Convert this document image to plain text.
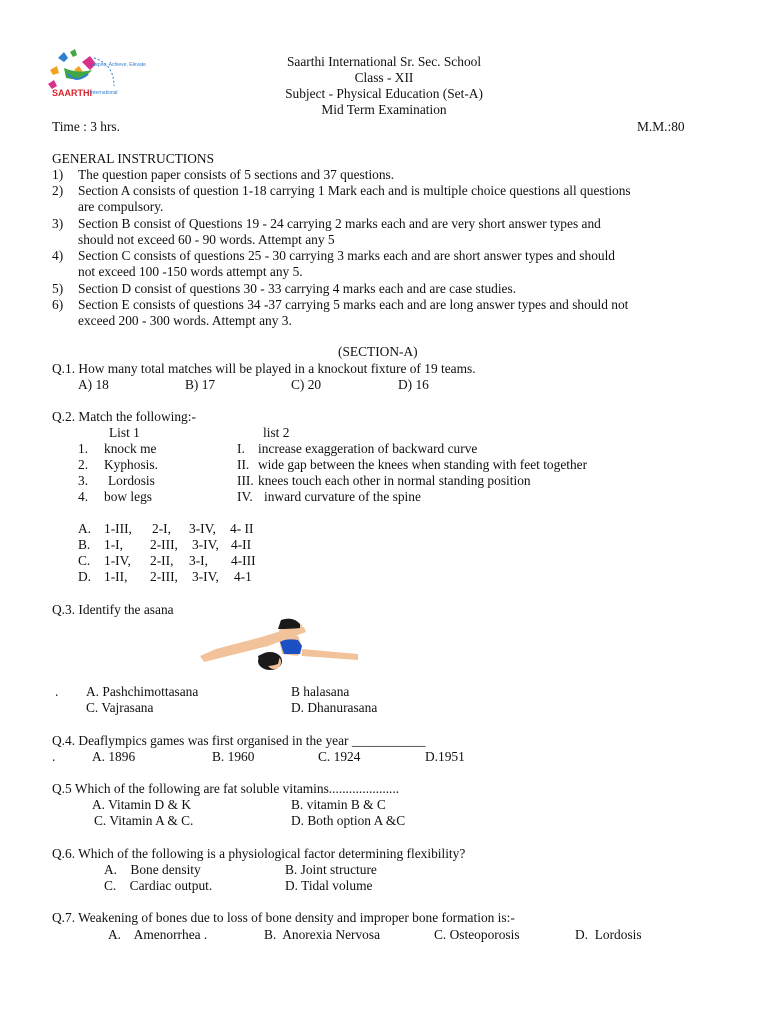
SAARTHI
International
Aspire, Achieve, Elevate	Saarthi International Sr. Sec. School
Class - XII
Subject - Physical Education (Set-A)
Mid Term Examination
Time : 3 hrs.	M.M.:80
GENERAL INSTRUCTIONS
1) The question paper consists of 5 sections and 37 questions.
2) Section A consists of question 1-18 carrying 1 Mark each and is multiple choice questions all questions
are compulsory.
3) Section B consist of Questions 19 - 24 carrying 2 marks each and are very short answer types and
should not exceed 60 - 90 words. Attempt any 5
4) Section C consists of questions 25 - 30 carrying 3 marks each and are short answer types and should
not exceed 100 -150 words attempt any 5.
5) Section D consist of questions 30 - 33 carrying 4 marks each and are case studies.
6) Section E consists of questions 34 -37 carrying 5 marks each and are long answer types and should not
exceed 200 - 300 words. Attempt any 3.
(SECTION-A)
Q.1. How many total matches will be played in a knockout fixture of 19 teams.
A) 18	B) 17	C) 20	D) 16
Q.2. Match the following:-
List 1	list 2
1. knock me	I. increase exaggeration of backward curve
2. Kyphosis.	II. wide gap between the knees when standing with feet together
3. Lordosis	III. knees touch each other in normal standing position
4. bow legs	IV. inward curvature of the spine
A. 1-III, 2-I, 3-IV, 4- II
B. 1-I, 2-III, 3-IV, 4-II
C. 1-IV, 2-II, 3-I, 4-III
D. 1-II, 2-III, 3-IV, 4-1
Q.3. Identify the asana
. A. Pashchimottasana	B halasana
C. Vajrasana	D. Dhanurasana
Q.4. Deaflympics games was first organised in the year ___________
.	A. 1896	B. 1960	C. 1924	D.1951
Q.5 Which of the following are fat soluble vitamins.....................
A. Vitamin D & K	B. vitamin B & C
C. Vitamin A & C.	D. Both option A &C
Q.6. Which of the following is a physiological factor determining flexibility?
A.    Bone density	B. Joint structure
C.    Cardiac output.	D. Tidal volume
Q.7. Weakening of bones due to loss of bone density and improper bone formation is:-
A.    Amenorrhea .	B.  Anorexia Nervosa	C. Osteoporosis	D.  Lordosis
